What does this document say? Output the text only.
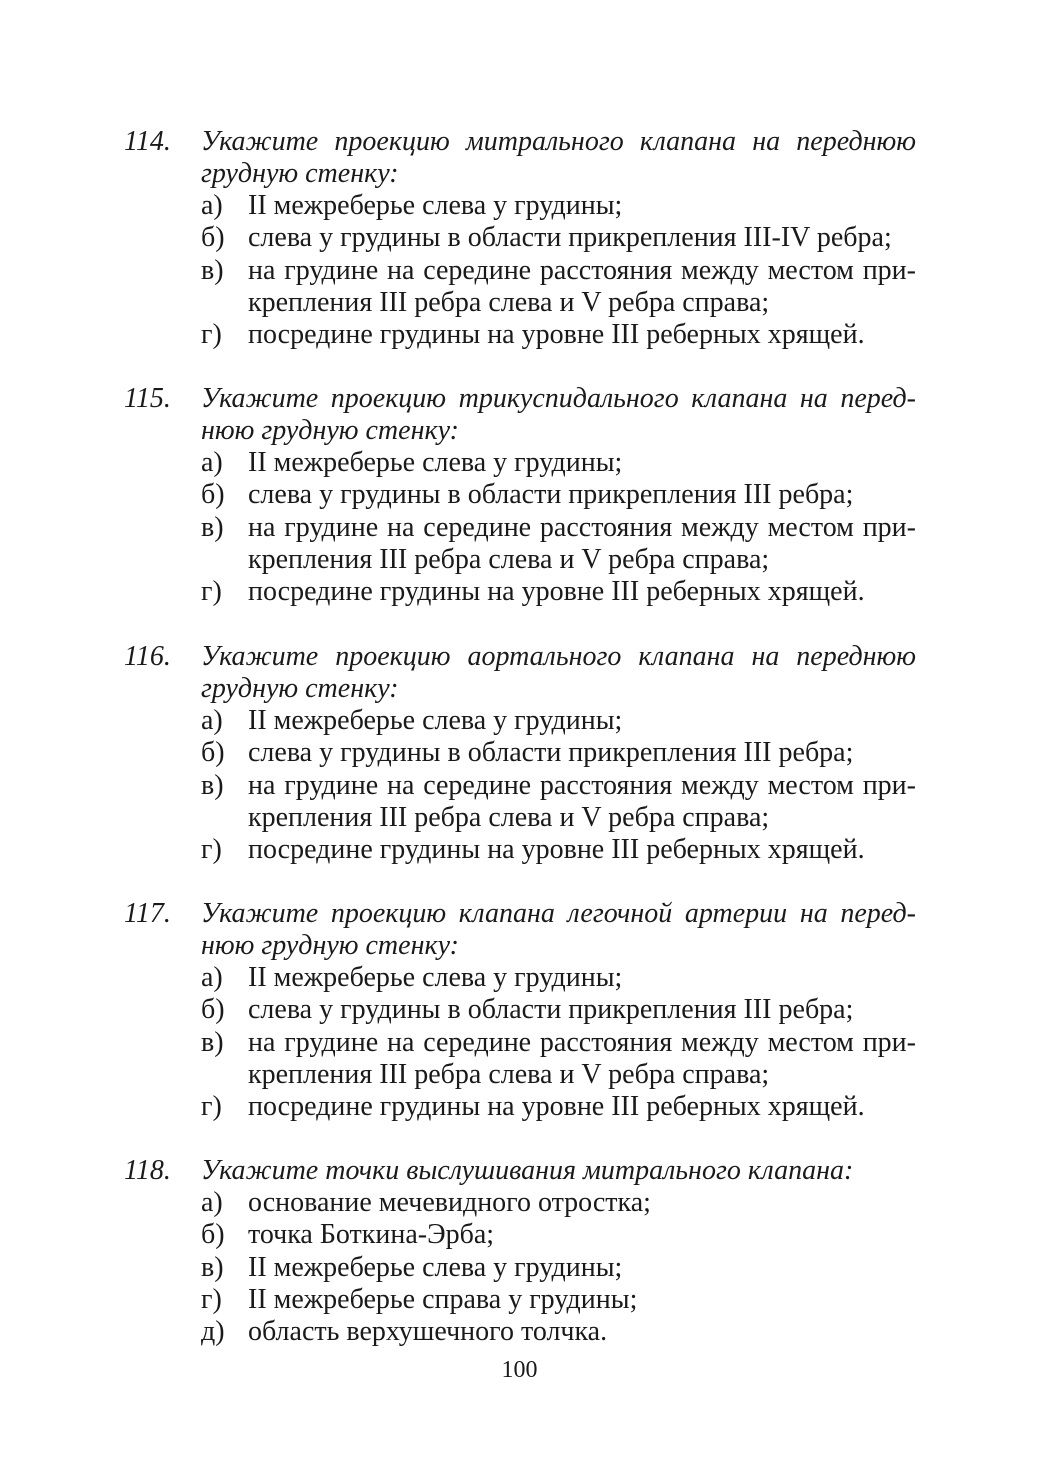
114. Укажите проекцию митрального клапана на переднюю грудную стенку:
а) II межреберье слева у грудины;
б) слева у грудины в области прикрепления III-IV ребра;
в) на грудине на середине расстояния между местом прикрепления III ребра слева и V ребра справа;
г) посредине грудины на уровне III реберных хрящей.
115. Укажите проекцию трикуспидального клапана на переднюю грудную стенку:
а) II межреберье слева у грудины;
б) слева у грудины в области прикрепления III ребра;
в) на грудине на середине расстояния между местом прикрепления III ребра слева и V ребра справа;
г) посредине грудины на уровне III реберных хрящей.
116. Укажите проекцию аортального клапана на переднюю грудную стенку:
а) II межреберье слева у грудины;
б) слева у грудины в области прикрепления III ребра;
в) на грудине на середине расстояния между местом прикрепления III ребра слева и V ребра справа;
г) посредине грудины на уровне III реберных хрящей.
117. Укажите проекцию клапана легочной артерии на переднюю грудную стенку:
а) II межреберье слева у грудины;
б) слева у грудины в области прикрепления III ребра;
в) на грудине на середине расстояния между местом прикрепления III ребра слева и V ребра справа;
г) посредине грудины на уровне III реберных хрящей.
118. Укажите точки выслушивания митрального клапана:
а) основание мечевидного отростка;
б) точка Боткина-Эрба;
в) II межреберье слева у грудины;
г) II межреберье справа у грудины;
д) область верхушечного толчка.
100
